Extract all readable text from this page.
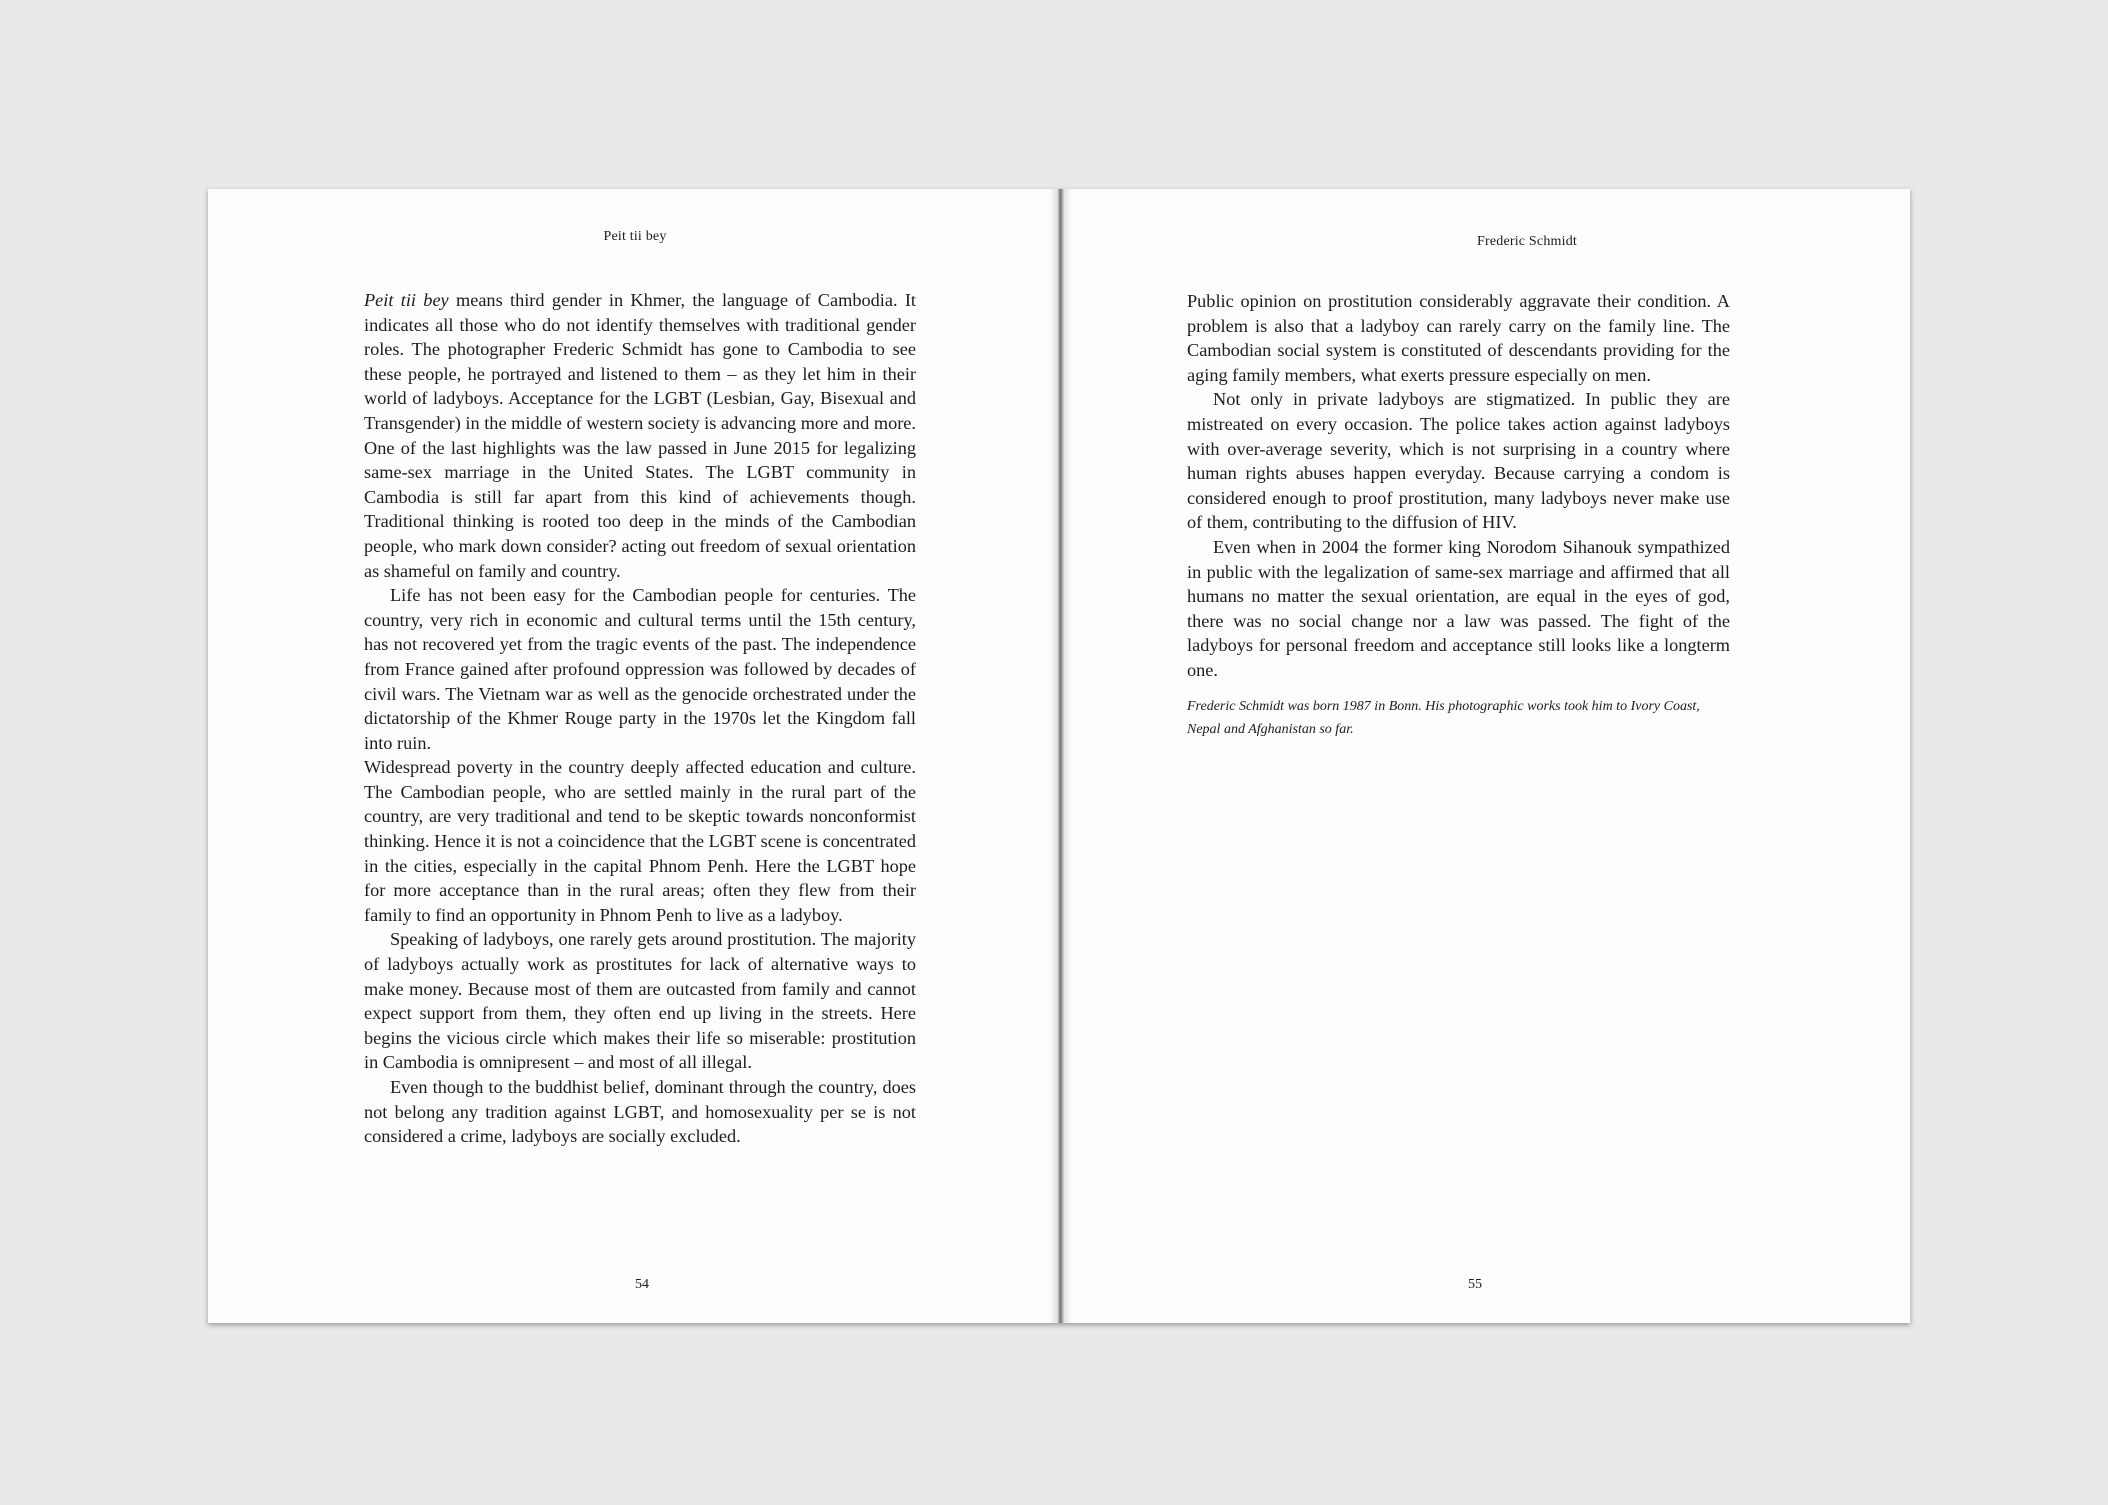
Peit tii bey

Peit tii bey means third gender in Khmer, the language of Cambodia. It indicates all those who do not identify themselves with traditional gender roles. The photographer Frederic Schmidt has gone to Cambodia to see these people, he portrayed and listened to them – as they let him in their world of ladyboys. Acceptance for the LGBT (Lesbian, Gay, Bisexual and Transgender) in the middle of western society is advancing more and more. One of the last highlights was the law passed in June 2015 for legalizing same-sex marriage in the United States. The LGBT community in Cambodia is still far apart from this kind of achievements though. Traditional thinking is rooted too deep in the minds of the Cambodian people, who mark down consider? acting out freedom of sexual orientation as shameful on family and country.

Life has not been easy for the Cambodian people for centuries. The country, very rich in economic and cultural terms until the 15th century, has not recovered yet from the tragic events of the past. The independence from France gained after profound oppression was followed by decades of civil wars. The Vietnam war as well as the genocide orchestrated under the dictatorship of the Khmer Rouge party in the 1970s let the Kingdom fall into ruin.

Widespread poverty in the country deeply affected education and culture. The Cambodian people, who are settled mainly in the rural part of the country, are very traditional and tend to be skeptic towards nonconformist thinking. Hence it is not a coincidence that the LGBT scene is concentrated in the cities, especially in the capital Phnom Penh. Here the LGBT hope for more acceptance than in the rural areas; often they flew from their family to find an opportunity in Phnom Penh to live as a ladyboy.

Speaking of ladyboys, one rarely gets around prostitution. The majority of ladyboys actually work as prostitutes for lack of alternative ways to make money. Because most of them are outcasted from family and cannot expect support from them, they often end up living in the streets. Here begins the vicious circle which makes their life so miserable: prostitution in Cambodia is omnipresent – and most of all illegal.

Even though to the buddhist belief, dominant through the country, does not belong any tradition against LGBT, and homosexuality per se is not considered a crime, ladyboys are socially excluded.

54
Frederic Schmidt

Public opinion on prostitution considerably aggravate their condition. A problem is also that a ladyboy can rarely carry on the family line. The Cambodian social system is constituted of descendants providing for the aging family members, what exerts pressure especially on men.

Not only in private ladyboys are stigmatized. In public they are mistreated on every occasion. The police takes action against ladyboys with over-average severity, which is not surprising in a country where human rights abuses happen everyday. Because carrying a condom is considered enough to proof prostitution, many ladyboys never make use of them, contributing to the diffusion of HIV.

Even when in 2004 the former king Norodom Sihanouk sympathized in public with the legalization of same-sex marriage and affirmed that all humans no matter the sexual orientation, are equal in the eyes of god, there was no social change nor a law was passed. The fight of the ladyboys for personal freedom and acceptance still looks like a longterm one.

Frederic Schmidt was born 1987 in Bonn. His photographic works took him to Ivory Coast, Nepal and Afghanistan so far.

55
